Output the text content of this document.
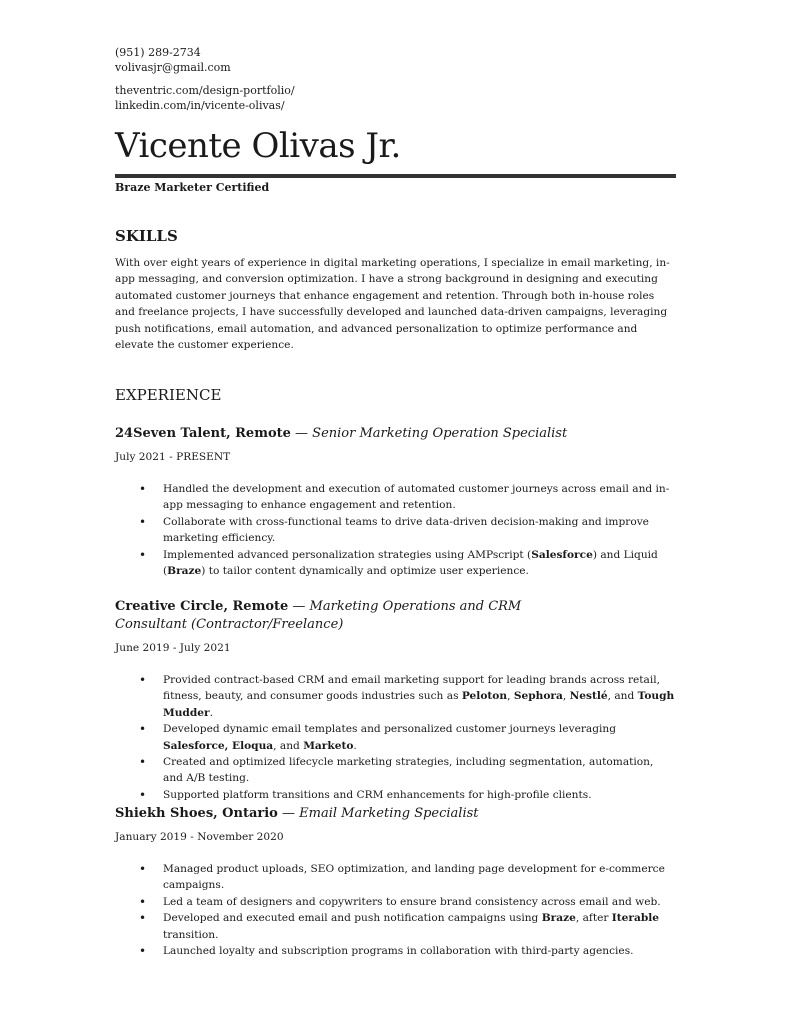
(951) 289-2734
volivasjr@gmail.com
theventric.com/design-portfolio/
linkedin.com/in/vicente-olivas/
Vicente Olivas Jr.
Braze Marketer Certified
SKILLS
With over eight years of experience in digital marketing operations, I specialize in email marketing, in-app messaging, and conversion optimization. I have a strong background in designing and executing automated customer journeys that enhance engagement and retention. Through both in-house roles and freelance projects, I have successfully developed and launched data-driven campaigns, leveraging push notifications, email automation, and advanced personalization to optimize performance and elevate the customer experience.
EXPERIENCE
24Seven Talent, Remote — Senior Marketing Operation Specialist
July 2021 - PRESENT
• Handled the development and execution of automated customer journeys across email and in-app messaging to enhance engagement and retention.
• Collaborate with cross-functional teams to drive data-driven decision-making and improve marketing efficiency.
• Implemented advanced personalization strategies using AMPscript (Salesforce) and Liquid (Braze) to tailor content dynamically and optimize user experience.
Creative Circle, Remote — Marketing Operations and CRM Consultant (Contractor/Freelance)
June 2019 - July 2021
• Provided contract-based CRM and email marketing support for leading brands across retail, fitness, beauty, and consumer goods industries such as Peloton, Sephora, Nestlé, and Tough Mudder.
• Developed dynamic email templates and personalized customer journeys leveraging Salesforce, Eloqua, and Marketo.
• Created and optimized lifecycle marketing strategies, including segmentation, automation, and A/B testing.
• Supported platform transitions and CRM enhancements for high-profile clients.
Shiekh Shoes, Ontario — Email Marketing Specialist
January 2019 - November 2020
• Managed product uploads, SEO optimization, and landing page development for e-commerce campaigns.
• Led a team of designers and copywriters to ensure brand consistency across email and web.
• Developed and executed email and push notification campaigns using Braze, after Iterable transition.
• Launched loyalty and subscription programs in collaboration with third-party agencies.
